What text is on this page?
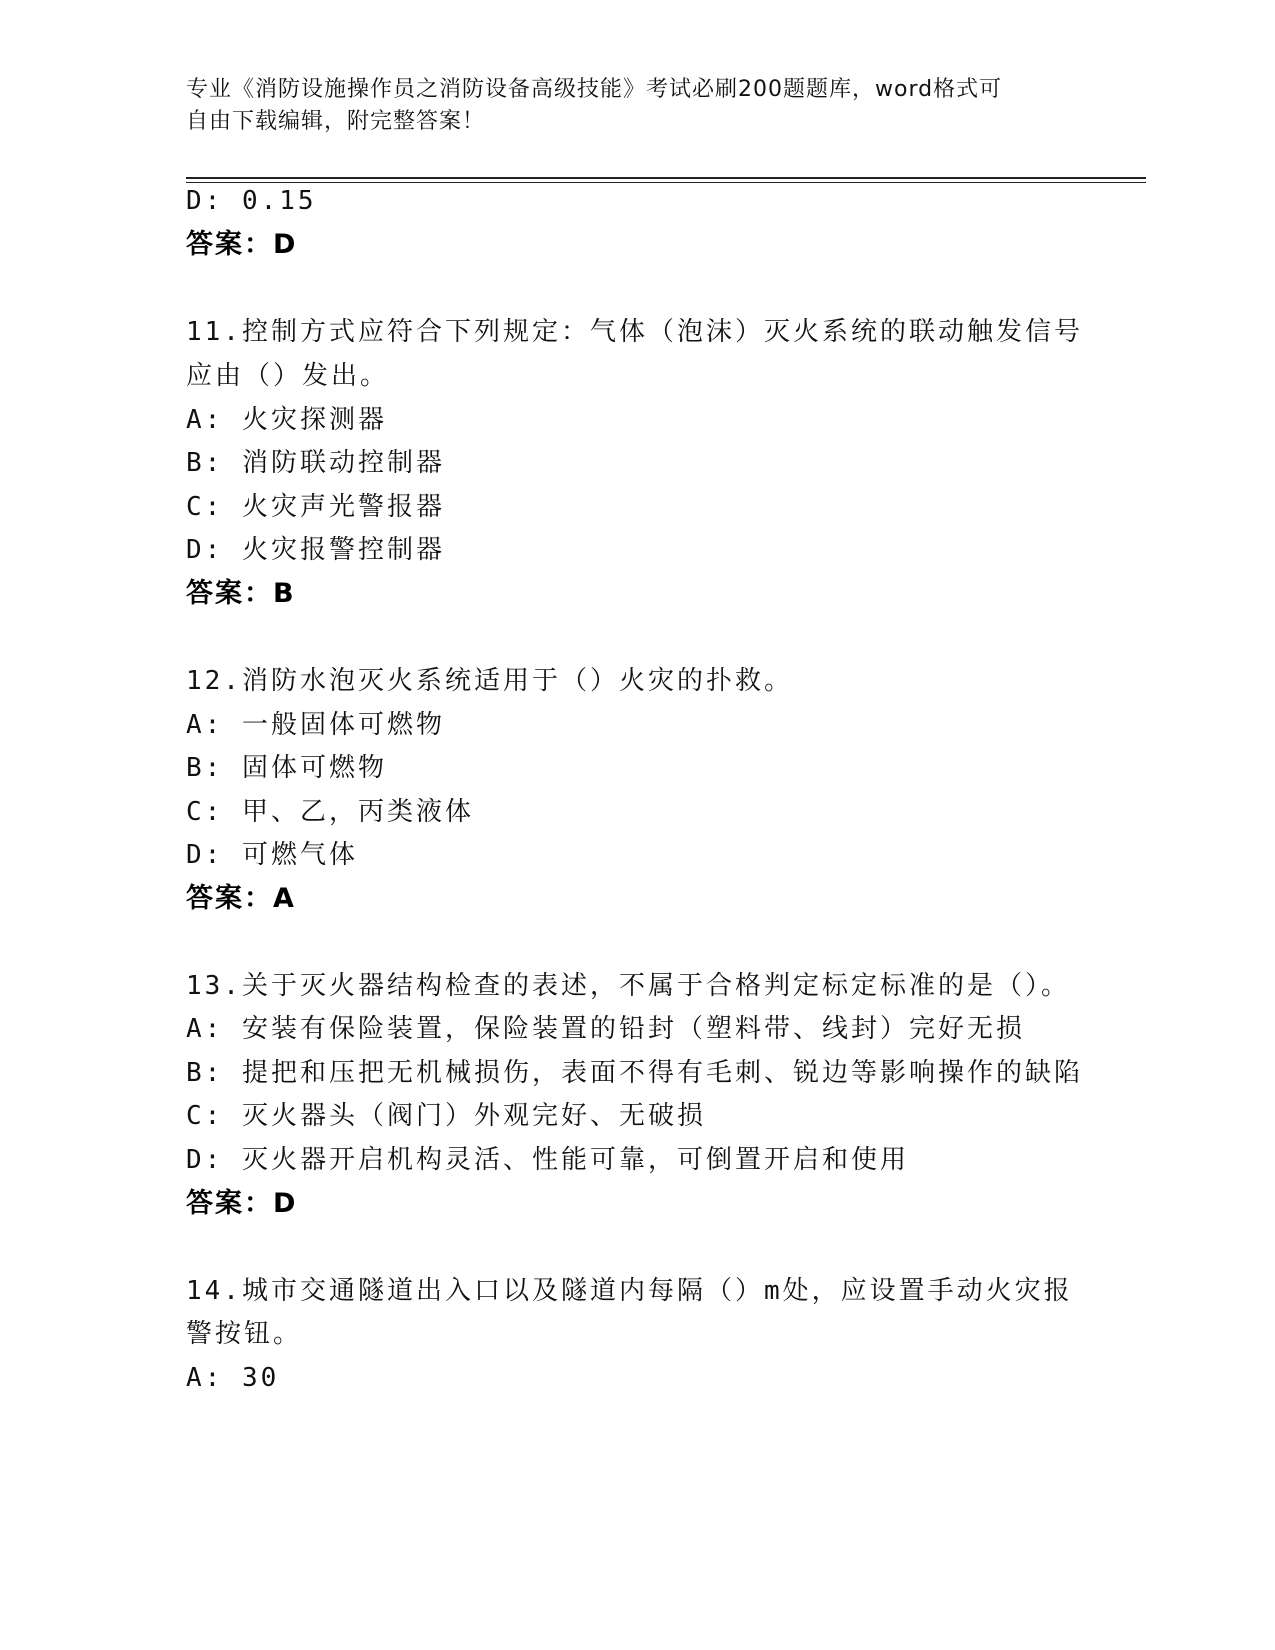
专业《消防设施操作员之消防设备高级技能》考试必刷200题题库，word格式可
自由下载编辑，附完整答案！
D: 0.15
答案：D
11.控制方式应符合下列规定：气体（泡沫）灭火系统的联动触发信号
应由（）发出。
A: 火灾探测器
B: 消防联动控制器
C: 火灾声光警报器
D: 火灾报警控制器
答案：B
12.消防水泡灭火系统适用于（）火灾的扑救。
A: 一般固体可燃物
B: 固体可燃物
C: 甲、乙，丙类液体
D: 可燃气体
答案：A
13.关于灭火器结构检查的表述，不属于合格判定标定标准的是（）。
A: 安装有保险装置，保险装置的铅封（塑料带、线封）完好无损
B: 提把和压把无机械损伤，表面不得有毛刺、锐边等影响操作的缺陷
C: 灭火器头（阀门）外观完好、无破损
D: 灭火器开启机构灵活、性能可靠，可倒置开启和使用
答案：D
14.城市交通隧道出入口以及隧道内每隔（）m处，应设置手动火灾报
警按钮。
A: 30
